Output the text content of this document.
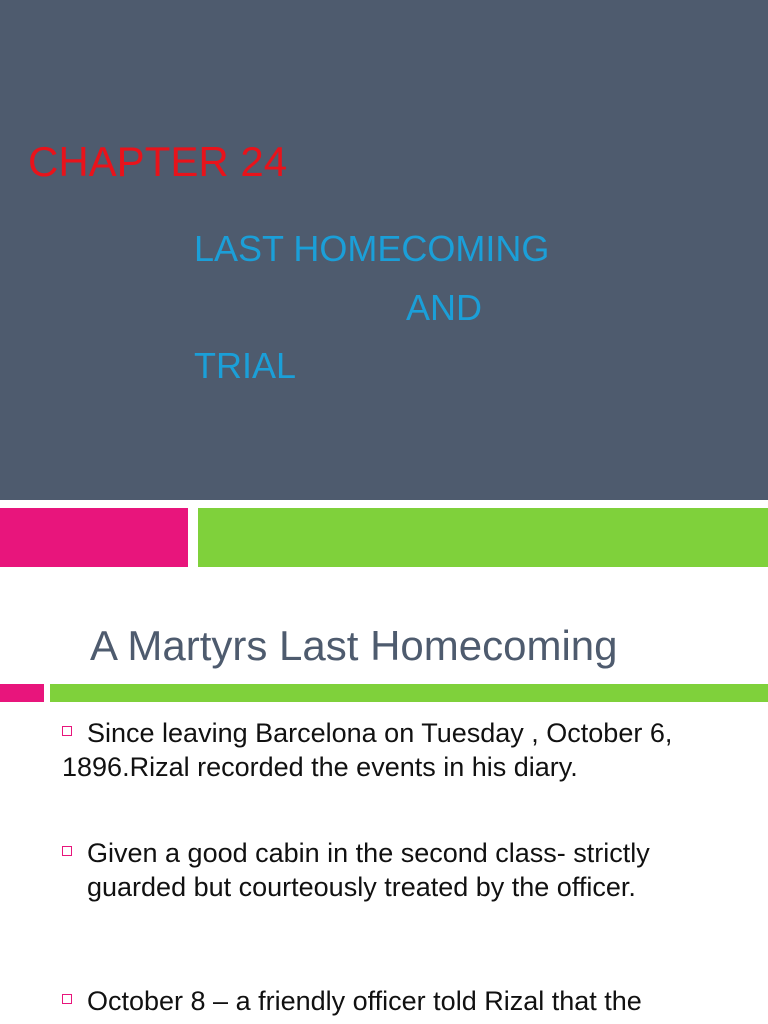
CHAPTER 24
LAST HOMECOMING
AND
TRIAL
A Martyrs Last Homecoming
Since leaving Barcelona on Tuesday , October 6, 1896.Rizal recorded the events in his diary.
Given a good cabin in the second class- strictly guarded but courteously treated by the officer.
October 8 – a friendly officer told Rizal that the
